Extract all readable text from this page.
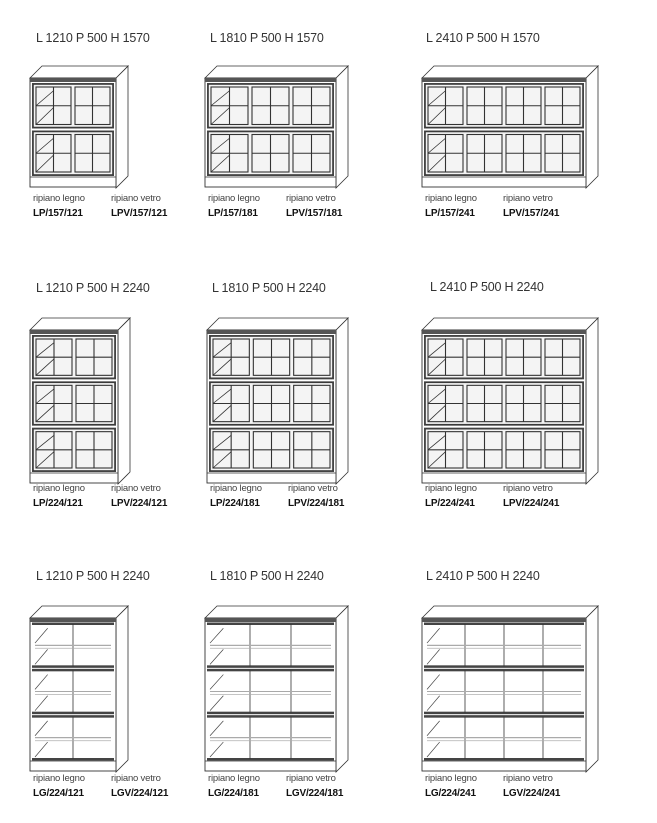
L 1210 P 500 H 1570
ripiano legno
LP/157/121
ripiano vetro
LPV/157/121
L 1810 P 500 H 1570
ripiano legno
LP/157/181
ripiano vetro
LPV/157/181
L 2410 P 500 H 1570
ripiano legno
LP/157/241
ripiano vetro
LPV/157/241
L 1210 P 500 H 2240
ripiano legno
LP/224/121
ripiano vetro
LPV/224/121
L 1810 P 500 H 2240
ripiano legno
LP/224/181
ripiano vetro
LPV/224/181
L 2410 P 500 H 2240
ripiano legno
LP/224/241
ripiano vetro
LPV/224/241
L 1210 P 500 H 2240
ripiano legno
LG/224/121
ripiano vetro
LGV/224/121
L 1810 P 500 H 2240
ripiano legno
LG/224/181
ripiano vetro
LGV/224/181
L 2410 P 500 H 2240
ripiano legno
LG/224/241
ripiano vetro
LGV/224/241
